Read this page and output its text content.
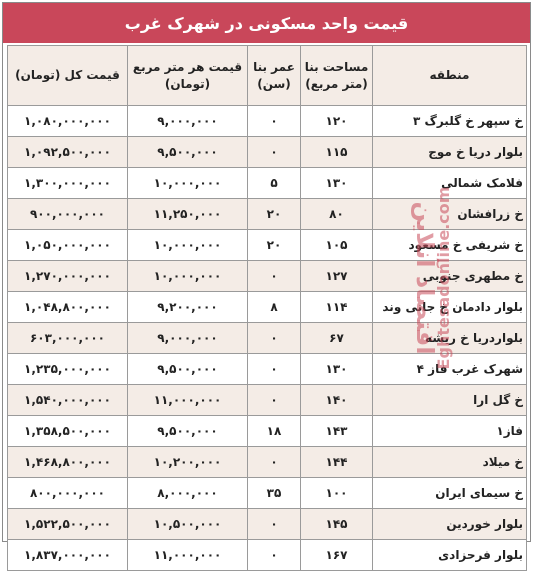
قیمت واحد مسکونی در شهرک غرب
منطقه	مساحت بنا (متر مربع)	عمر بنا (سن)	قیمت هر متر مربع (تومان)	قیمت کل (تومان)
خ سپهر خ گلبرگ ۳	۱۲۰	۰	۹,۰۰۰,۰۰۰	۱,۰۸۰,۰۰۰,۰۰۰
بلوار دریا خ موج	۱۱۵	۰	۹,۵۰۰,۰۰۰	۱,۰۹۲,۵۰۰,۰۰۰
فلامک شمالی	۱۳۰	۵	۱۰,۰۰۰,۰۰۰	۱,۳۰۰,۰۰۰,۰۰۰
خ زرافشان	۸۰	۲۰	۱۱,۲۵۰,۰۰۰	۹۰۰,۰۰۰,۰۰۰
خ شریفی خ مسعود	۱۰۵	۲۰	۱۰,۰۰۰,۰۰۰	۱,۰۵۰,۰۰۰,۰۰۰
خ مطهری جنوبی	۱۲۷	۰	۱۰,۰۰۰,۰۰۰	۱,۲۷۰,۰۰۰,۰۰۰
بلوار دادمان خ جانی وند	۱۱۴	۸	۹,۲۰۰,۰۰۰	۱,۰۴۸,۸۰۰,۰۰۰
بلواردریا خ ریشه	۶۷	۰	۹,۰۰۰,۰۰۰	۶۰۳,۰۰۰,۰۰۰
شهرک غرب فاز ۴	۱۳۰	۰	۹,۵۰۰,۰۰۰	۱,۲۳۵,۰۰۰,۰۰۰
خ گل ارا	۱۴۰	۰	۱۱,۰۰۰,۰۰۰	۱,۵۴۰,۰۰۰,۰۰۰
فاز۱	۱۴۳	۱۸	۹,۵۰۰,۰۰۰	۱,۳۵۸,۵۰۰,۰۰۰
خ میلاد	۱۴۴	۰	۱۰,۲۰۰,۰۰۰	۱,۴۶۸,۸۰۰,۰۰۰
خ سیمای ایران	۱۰۰	۳۵	۸,۰۰۰,۰۰۰	۸۰۰,۰۰۰,۰۰۰
بلوار خوردین	۱۴۵	۰	۱۰,۵۰۰,۰۰۰	۱,۵۲۲,۵۰۰,۰۰۰
بلوار فرحزادی	۱۶۷	۰	۱۱,۰۰۰,۰۰۰	۱,۸۳۷,۰۰۰,۰۰۰
اقتصاد آنلاین
Eghtesadonline.com
